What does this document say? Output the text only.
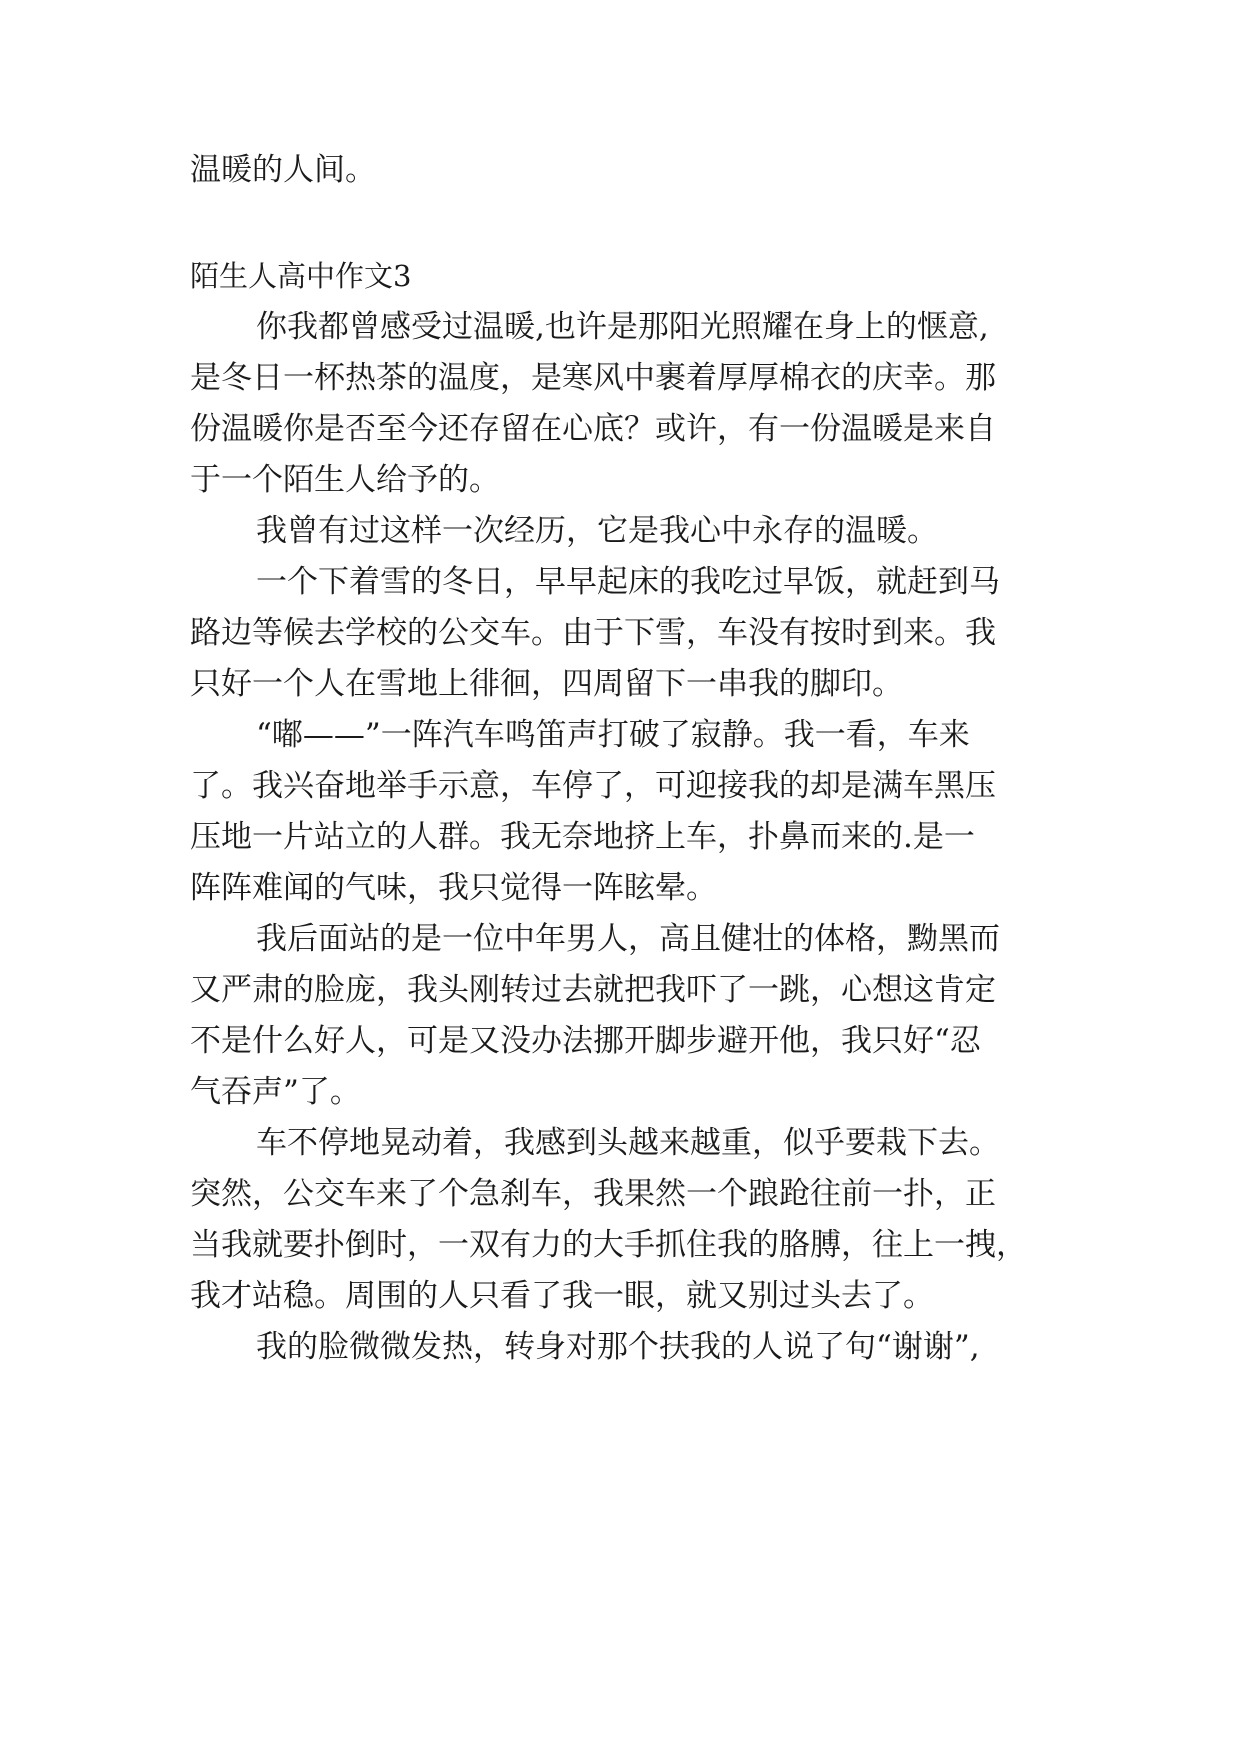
温暖的人间。
陌生人高中作文3
你我都曾感受过温暖,也许是那阳光照耀在身上的惬意,
是冬日一杯热茶的温度，是寒风中裹着厚厚棉衣的庆幸。那
份温暖你是否至今还存留在心底？或许，有一份温暖是来自
于一个陌生人给予的。
我曾有过这样一次经历，它是我心中永存的温暖。
一个下着雪的冬日，早早起床的我吃过早饭，就赶到马
路边等候去学校的公交车。由于下雪，车没有按时到来。我
只好一个人在雪地上徘徊，四周留下一串我的脚印。
“嘟——”一阵汽车鸣笛声打破了寂静。我一看，车来
了。我兴奋地举手示意，车停了，可迎接我的却是满车黑压
压地一片站立的人群。我无奈地挤上车，扑鼻而来的.是一
阵阵难闻的气味，我只觉得一阵眩晕。
我后面站的是一位中年男人，高且健壮的体格，黝黑而
又严肃的脸庞，我头刚转过去就把我吓了一跳，心想这肯定
不是什么好人，可是又没办法挪开脚步避开他，我只好“忍
气吞声”了。
车不停地晃动着，我感到头越来越重，似乎要栽下去。
突然，公交车来了个急刹车，我果然一个踉跄往前一扑，正
当我就要扑倒时，一双有力的大手抓住我的胳膊，往上一拽，
我才站稳。周围的人只看了我一眼，就又别过头去了。
我的脸微微发热，转身对那个扶我的人说了句“谢谢”,
